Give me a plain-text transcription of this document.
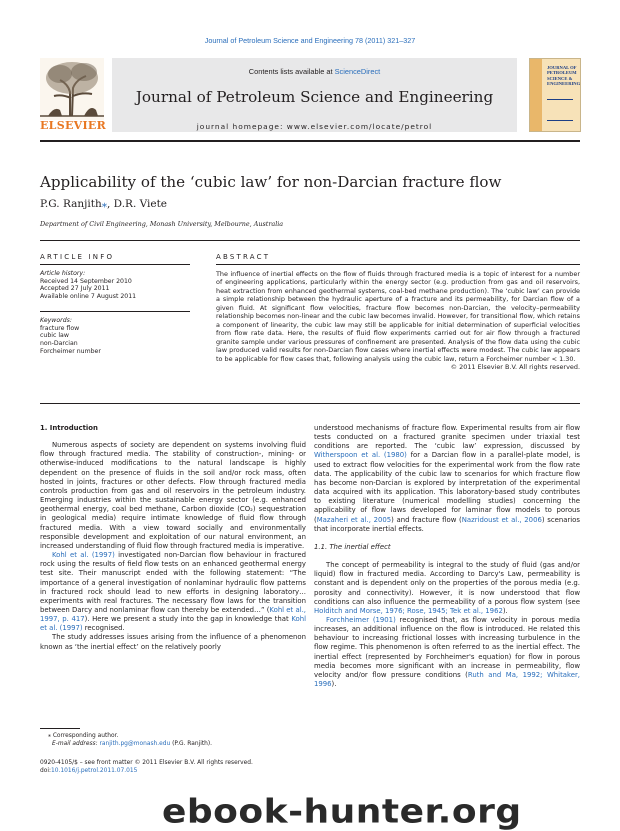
Journal of Petroleum Science and Engineering 78 (2011) 321–327
ELSEVIER
Contents lists available at ScienceDirect
Journal of Petroleum Science and Engineering
journal homepage: www.elsevier.com/locate/petrol
JOURNAL OF PETROLEUM SCIENCE & ENGINEERING
Applicability of the ‘cubic law’ for non-Darcian fracture flow
P.G. Ranjith⁎, D.R. Viete
Department of Civil Engineering, Monash University, Melbourne, Australia
ARTICLE INFO	ABSTRACT
Article history:
Received 14 September 2010
Accepted 27 July 2011
Available online 7 August 2011
Keywords:
fracture flow
cubic law
non-Darcian
Forcheimer number
The influence of inertial effects on the flow of fluids through fractured media is a topic of interest for a number of engineering applications, particularly within the energy sector (e.g. production from gas and oil reservoirs, heat extraction from enhanced geothermal systems, coal-bed methane production). The ‘cubic law’ can provide a simple relationship between the hydraulic aperture of a fracture and its permeability, for Darcian flow of a given fluid. At significant flow velocities, fracture flow becomes non-Darcian, the velocity–permeability relationship becomes non-linear and the cubic law becomes invalid. However, for transitional flow, which retains a component of linearity, the cubic law may still be applicable for initial determination of superficial velocities from flow rate data. Here, the results of fluid flow experiments carried out for air flow through a fractured granite sample under various pressures of confinement are presented. Analysis of the flow data using the cubic law produced valid results for non-Darcian flow cases where inertial effects were modest. The cubic law appears to be applicable for flow cases that, following analysis using the cubic law, return a Forcheimer number < 1.30.
© 2011 Elsevier B.V. All rights reserved.

1. Introduction

Numerous aspects of society are dependent on systems involving fluid flow through fractured media. The stability of construction-, mining- or otherwise-induced modifications to the natural landscape is highly dependent on the presence of fluids in the soil and/or rock mass, often hosted in joints, fractures or other defects. Flow through fractured media controls production from gas and oil reservoirs in the petroleum industry. Emerging industries within the sustainable energy sector (e.g. enhanced geothermal energy, coal bed methane, Carbon dioxide (CO₂) sequestration in geological media) require intimate knowledge of fluid flow through fractured media. With a view toward socially and environmentally responsible development and exploitation of our natural environment, an increased understanding of fluid flow through fractured media is imperative.

Kohl et al. (1997) investigated non-Darcian flow behaviour in fractured rock using the results of field flow tests on an enhanced geothermal energy test site. Their manuscript ended with the following statement: “The importance of a general investigation of nonlaminar hydraulic flow patterns in fractured rock should lead to new efforts in designing laboratory… experiments with real fractures. The necessary flow laws for the transition between Darcy and nonlaminar flow can thereby be extended…” (Kohl et al., 1997, p. 417). Here we present a study into the gap in knowledge that Kohl et al. (1997) recognised.

The study addresses issues arising from the influence of a phenomenon known as ‘the inertial effect’ on the relatively poorly

understood mechanisms of fracture flow. Experimental results from air flow tests conducted on a fractured granite specimen under triaxial test conditions are reported. The ‘cubic law’ expression, discussed by Witherspoon et al. (1980) for a Darcian flow in a parallel-plate model, is used to extract flow velocities for the experimental work from the flow rate data. The applicability of the cubic law to scenarios for which fracture flow has become non-Darcian is explored by interpretation of the experimental data acquired with its application. This laboratory-based study contributes to existing literature (numerical modelling studies) concerning the applicability of flow laws developed for laminar flow models to porous (Mazaheri et al., 2005) and fracture flow (Nazridoust et al., 2006) scenarios that incorporate inertial effects.

1.1. The inertial effect

The concept of permeability is integral to the study of fluid (gas and/or liquid) flow in fractured media. According to Darcy's Law, permeability is constant and is dependent only on the properties of the porous media (e.g. porosity and connectivity). However, it is now understood that flow conditions can also influence the permeability of a porous flow system (see Holditch and Morse, 1976; Rose, 1945; Tek et al., 1962).

Forchheimer (1901) recognised that, as flow velocity in porous media increases, an additional influence on the flow is introduced. He related this behaviour to increasing frictional losses with increasing turbulence in the flow regime. This phenomenon is often referred to as the inertial effect. The inertial effect (represented by Forchheimer's equation) for flow in porous media becomes more significant with an increase in permeability, flow velocity and/or flow pressure conditions (Ruth and Ma, 1992; Whitaker, 1996).

⁎ Corresponding author.
E-mail address: ranjith.pg@monash.edu (P.G. Ranjith).
0920-4105/$ – see front matter © 2011 Elsevier B.V. All rights reserved.
doi:10.1016/j.petrol.2011.07.015
ebook-hunter.org
